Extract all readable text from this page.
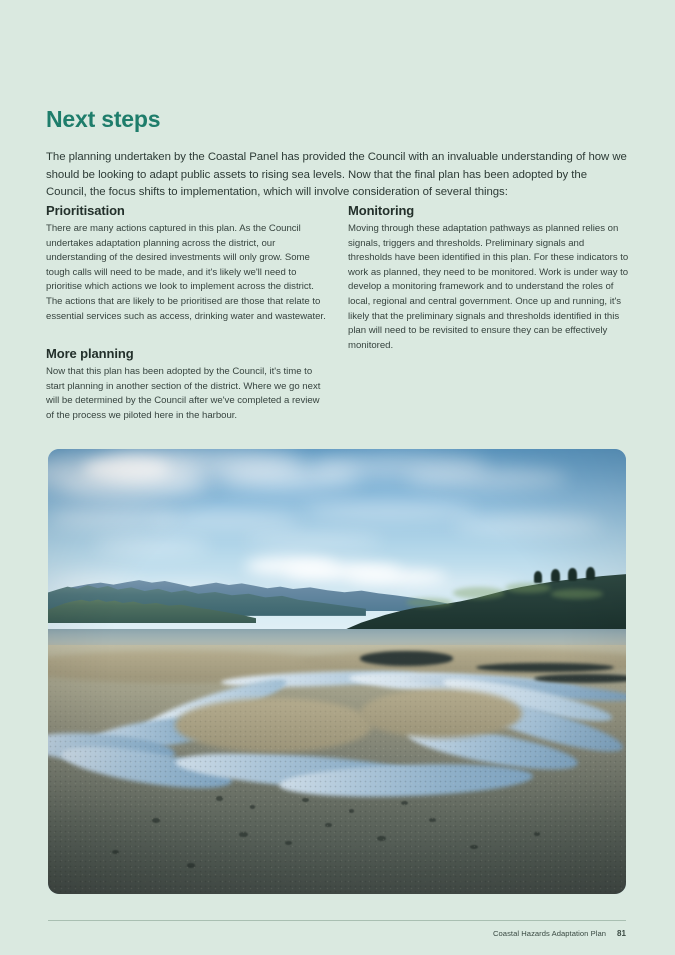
Next steps

The planning undertaken by the Coastal Panel has provided the Council with an invaluable understanding of how we should be looking to adapt public assets to rising sea levels. Now that the final plan has been adopted by the Council, the focus shifts to implementation, which will involve consideration of several things:

Prioritisation

There are many actions captured in this plan. As the Council undertakes adaptation planning across the district, our understanding of the desired investments will only grow. Some tough calls will need to be made, and it's likely we'll need to prioritise which actions we look to implement across the district. The actions that are likely to be prioritised are those that relate to essential services such as access, drinking water and wastewater.

More planning

Now that this plan has been adopted by the Council, it's time to start planning in another section of the district. Where we go next will be determined by the Council after we've completed a review of the process we piloted here in the harbour.

Monitoring

Moving through these adaptation pathways as planned relies on signals, triggers and thresholds. Preliminary signals and thresholds have been identified in this plan. For these indicators to work as planned, they need to be monitored. Work is under way to develop a monitoring framework and to understand the roles of local, regional and central government. Once up and running, it's likely that the preliminary signals and thresholds identified in this plan will need to be revisited to ensure they can be effectively monitored.

Coastal Hazards Adaptation Plan 81
